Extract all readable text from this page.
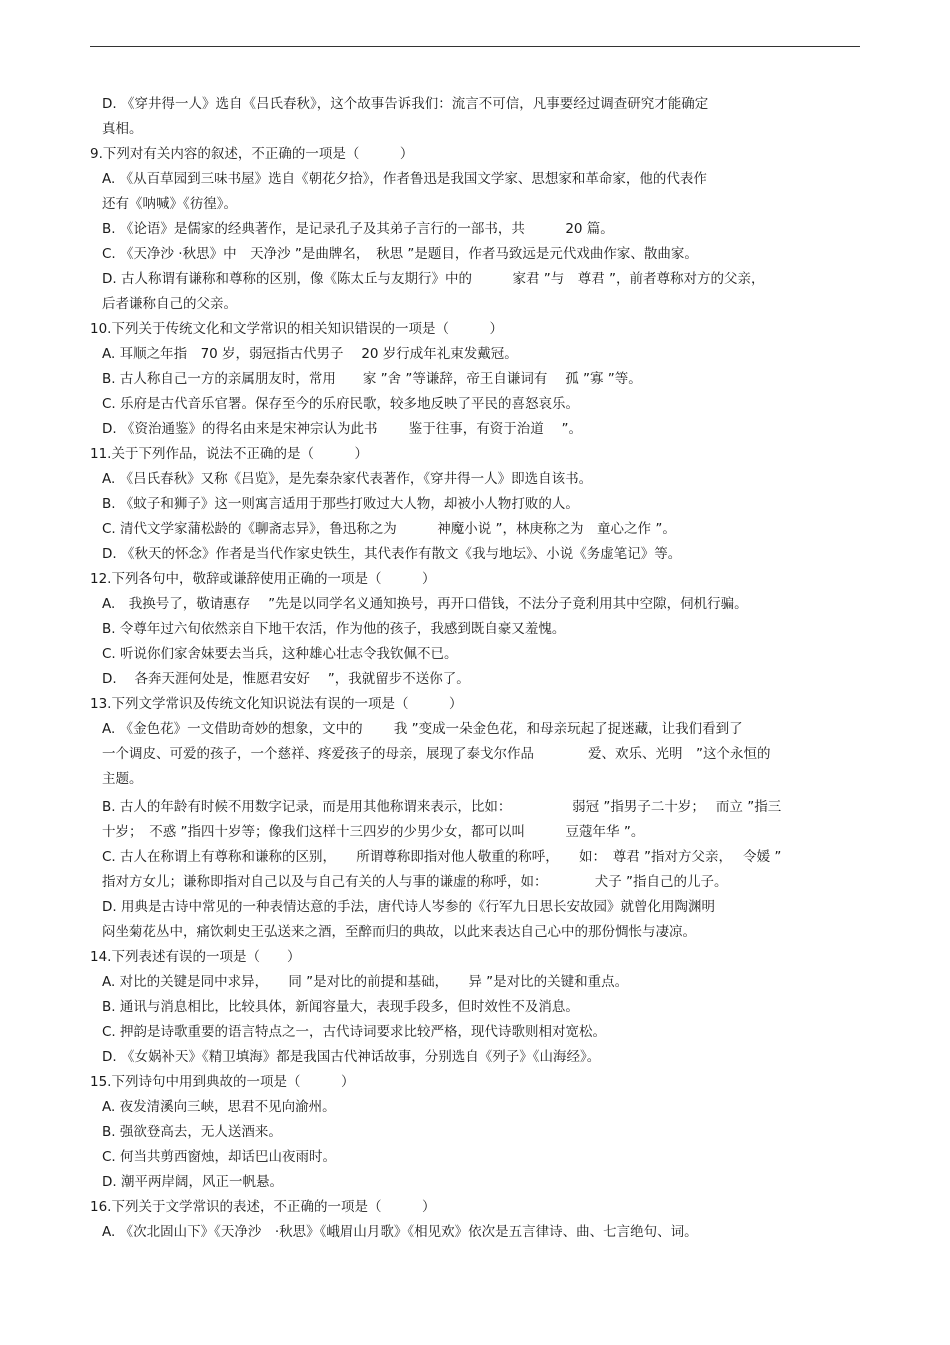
D. 《穿井得一人》选自《吕氏春秋》，这个故事告诉我们：流言不可信，凡事要经过调查研究才能确定
真相。

9.下列对有关内容的叙述，不正确的一项是（　　　）

A. 《从百草园到三味书屋》选自《朝花夕拾》，作者鲁迅是我国文学家、思想家和革命家，他的代表作
还有《呐喊》《彷徨》。

B. 《论语》是儒家的经典著作，是记录孔子及其弟子言行的一部书，共　　　20 篇。

C. 《天净沙 ·秋思》中　天净沙 ”是曲牌名，　秋思 ”是题目，作者马致远是元代戏曲作家、散曲家。

D. 古人称谓有谦称和尊称的区别，像《陈太丘与友期行》中的　　　家君 ”与　尊君 ”，前者尊称对方的父亲，
后者谦称自己的父亲。

10.下列关于传统文化和文学常识的相关知识错误的一项是（　　　）

A. 耳顺之年指　70 岁，弱冠指古代男子　 20 岁行成年礼束发戴冠。

B. 古人称自己一方的亲属朋友时，常用　　家 ”舍 ”等谦辞，帝王自谦词有　 孤 ”寡 ”等。

C. 乐府是古代音乐官署。保存至今的乐府民歌，较多地反映了平民的喜怒哀乐。

D. 《资治通鉴》的得名由来是宋神宗认为此书　　 鉴于往事，有资于治道　 ”。

11.关于下列作品，说法不正确的是（　　　）

A. 《吕氏春秋》又称《吕览》，是先秦杂家代表著作，《穿井得一人》即选自该书。

B. 《蚊子和狮子》这一则寓言适用于那些打败过大人物，却被小人物打败的人。

C. 清代文学家蒲松龄的《聊斋志异》，鲁迅称之为　　　神魔小说 ”，林庚称之为　童心之作 ”。

D. 《秋天的怀念》作者是当代作家史铁生，其代表作有散文《我与地坛》、小说《务虚笔记》等。

12.下列各句中，敬辞或谦辞使用正确的一项是（　　　）

A.　我换号了，敬请惠存　 ”先是以同学名义通知换号，再开口借钱，不法分子竟利用其中空隙，伺机行骗。

B. 令尊年过六旬依然亲自下地干农活，作为他的孩子，我感到既自豪又羞愧。

C. 听说你们家舍妹要去当兵，这种雄心壮志令我钦佩不已。

D. 　各奔天涯何处是，惟愿君安好　 ”，我就留步不送你了。

13.下列文学常识及传统文化知识说法有误的一项是（　　　）

A. 《金色花》一文借助奇妙的想象，文中的　　 我 ”变成一朵金色花，和母亲玩起了捉迷藏，让我们看到了
一个调皮、可爱的孩子，一个慈祥、疼爱孩子的母亲，展现了泰戈尔作品　　　　爱、欢乐、光明　”这个永恒的
主题。

B. 古人的年龄有时候不用数字记录，而是用其他称谓来表示，比如：　　　　　弱冠 ”指男子二十岁；　 而立 ”指三
十岁；　不惑 ”指四十岁等；像我们这样十三四岁的少男少女，都可以叫　　　豆蔻年华 ”。

C. 古人在称谓上有尊称和谦称的区别，　　所谓尊称即指对他人敬重的称呼，　　如：　尊君 ”指对方父亲，　 令媛 ”
指对方女儿；谦称即指对自己以及与自己有关的人与事的谦虚的称呼，如：　　　　犬子 ”指自己的儿子。

D. 用典是古诗中常见的一种表情达意的手法，唐代诗人岑参的《行军九日思长安故园》就曾化用陶渊明
闷坐菊花丛中，痛饮刺史王弘送来之酒，至醉而归的典故，以此来表达自己心中的那份惆怅与凄凉。

14.下列表述有误的一项是（　　）

A. 对比的关键是同中求异，　　同 ”是对比的前提和基础，　　异 ”是对比的关键和重点。

B. 通讯与消息相比，比较具体，新闻容量大，表现手段多，但时效性不及消息。

C. 押韵是诗歌重要的语言特点之一，古代诗词要求比较严格，现代诗歌则相对宽松。

D. 《女娲补天》《精卫填海》都是我国古代神话故事，分别选自《列子》《山海经》。

15.下列诗句中用到典故的一项是（　　　）

A. 夜发清溪向三峡，思君不见向渝州。

B. 强欲登高去，无人送酒来。

C. 何当共剪西窗烛，却话巴山夜雨时。

D. 潮平两岸阔，风正一帆悬。

16.下列关于文学常识的表述，不正确的一项是（　　　）

A. 《次北固山下》《天净沙　·秋思》《峨眉山月歌》《相见欢》依次是五言律诗、曲、七言绝句、词。
